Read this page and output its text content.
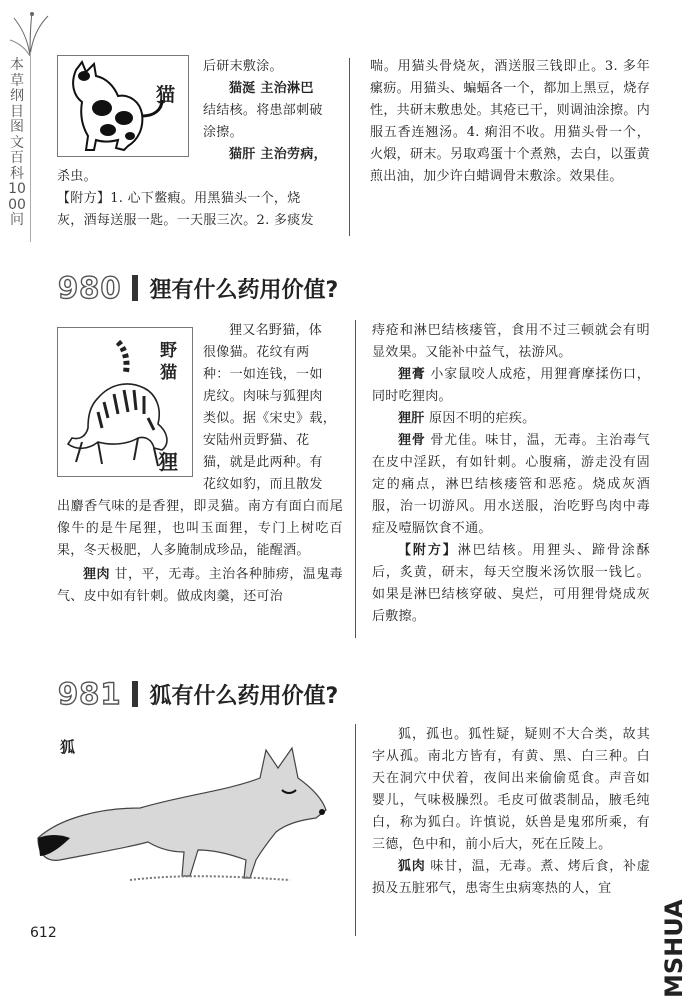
本草纲目图文百科1000问
猫

后研末敷涂。

猫涎 主治淋巴

结结核。将患部刺破

涂擦。

猫肝 主治劳病，

杀虫。

【附方】1. 心下鳖瘕。用黑猫头一个，烧

灰，酒每送服一匙。一天服三次。2. 多痰发

喘。用猫头骨烧灰，酒送服三钱即止。3. 多年瘰疬。用猫头、蝙蝠各一个，都加上黑豆，烧存性，共研末敷患处。其疮已干，则调油涂擦。内服五香连翘汤。4. 痢泪不收。用猫头骨一个，火煅，研末。另取鸡蛋十个煮熟，去白，以蛋黄煎出油，加少许白蜡调骨末敷涂。效果佳。

980 狸有什么药用价值?
野
猫
狸

狸又名野猫，体

很像猫。花纹有两

种：一如连钱，一如

虎纹。肉味与狐狸肉

类似。据《宋史》载，

安陆州贡野猫、花

猫，就是此两种。有

花纹如豹，而且散发

出麝香气味的是香狸，即灵猫。南方有面白而尾像牛的是牛尾狸，也叫玉面狸，专门上树吃百果，冬天极肥，人多腌制成珍品，能醒酒。

狸肉 甘，平，无毒。主治各种肺痨，温鬼毒气、皮中如有针刺。做成肉羹，还可治

痔疮和淋巴结核瘘管，食用不过三顿就会有明显效果。又能补中益气，祛游风。

狸膏 小家鼠咬人成疮，用狸膏摩揉伤口，同时吃狸肉。

狸肝 原因不明的疟疾。

狸骨 骨尤佳。味甘，温，无毒。主治毒气在皮中淫跃，有如针刺。心腹痛，游走没有固定的痛点，淋巴结核瘘管和恶疮。烧成灰酒服，治一切游风。用水送服，治吃野鸟肉中毒症及噎膈饮食不通。

【附方】淋巴结核。用狸头、蹄骨涂酥后，炙黄，研末，每天空腹米汤饮服一钱匕。如果是淋巴结核穿破、臭烂，可用狸骨烧成灰后敷擦。

981 狐有什么药用价值?
狐

狐，孤也。狐性疑，疑则不大合类，故其字从孤。南北方皆有，有黄、黑、白三种。白天在洞穴中伏着，夜间出来偷偷觅食。声音如婴儿，气味极臊烈。毛皮可做裘制品，腋毛纯白，称为狐白。许慎说，妖兽是鬼邪所乘，有三德，色中和，前小后大，死在丘陵上。

狐肉 味甘，温，无毒。煮、烤后食，补虚损及五脏邪气，患寄生虫病寒热的人，宜

612	MSHUA
